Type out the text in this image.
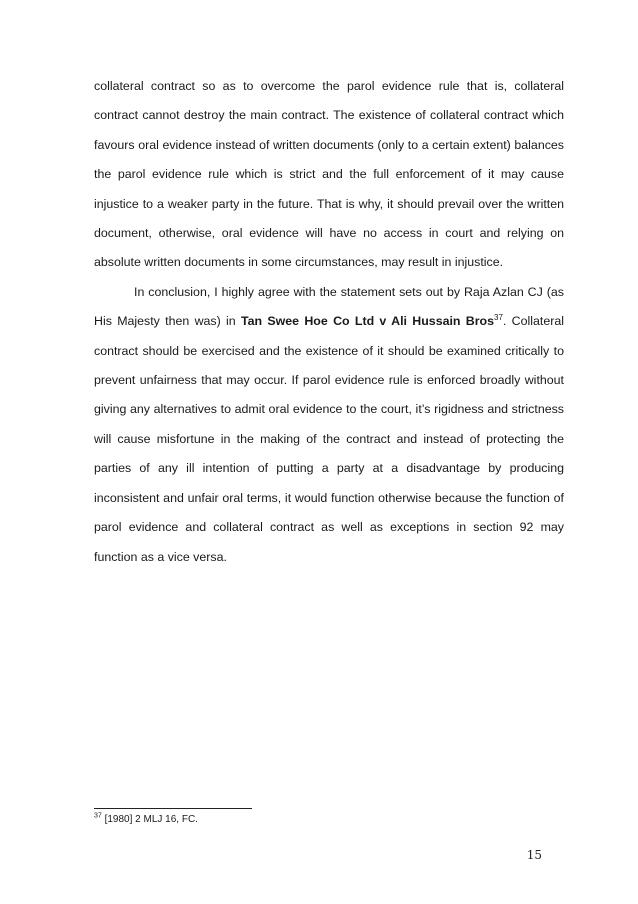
collateral contract so as to overcome the parol evidence rule that is, collateral contract cannot destroy the main contract. The existence of collateral contract which favours oral evidence instead of written documents (only to a certain extent) balances the parol evidence rule which is strict and the full enforcement of it may cause injustice to a weaker party in the future. That is why, it should prevail over the written document, otherwise, oral evidence will have no access in court and relying on absolute written documents in some circumstances, may result in injustice.

In conclusion, I highly agree with the statement sets out by Raja Azlan CJ (as His Majesty then was) in Tan Swee Hoe Co Ltd v Ali Hussain Bros$^{37}$. Collateral contract should be exercised and the existence of it should be examined critically to prevent unfairness that may occur. If parol evidence rule is enforced broadly without giving any alternatives to admit oral evidence to the court, it’s rigidness and strictness will cause misfortune in the making of the contract and instead of protecting the parties of any ill intention of putting a party at a disadvantage by producing inconsistent and unfair oral terms, it would function otherwise because the function of parol evidence and collateral contract as well as exceptions in section 92 may function as a vice versa.

$^{37}$ [1980] 2 MLJ 16, FC.
15
